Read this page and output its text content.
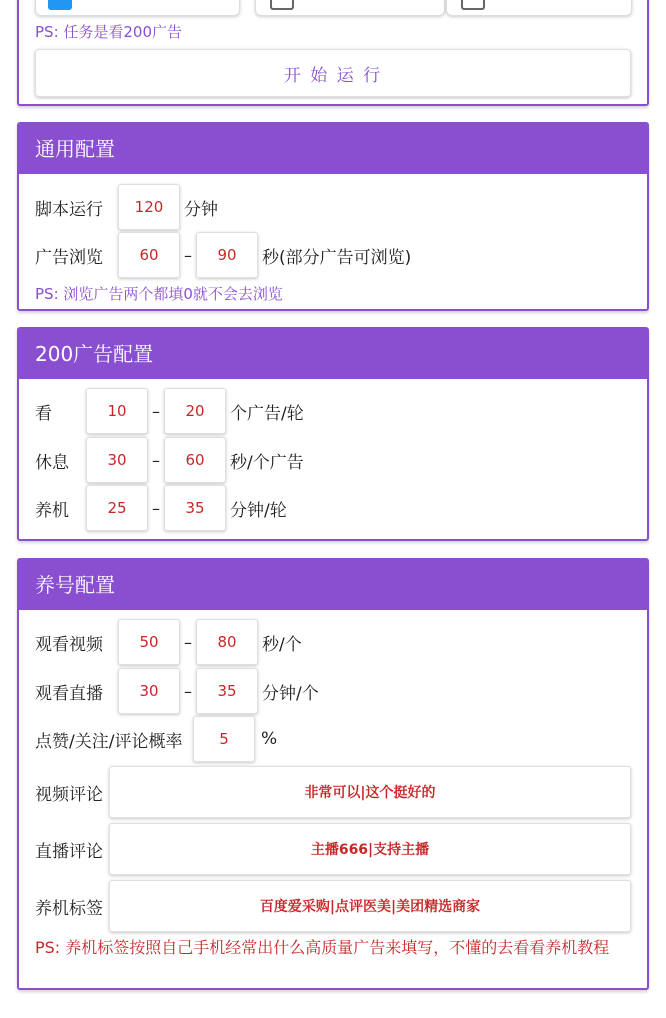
PS: 任务是看200广告
开 始 运 行
通用配置
脚本运行	120	分钟
广告浏览	60	–	90	秒(部分广告可浏览)
PS: 浏览广告两个都填0就不会去浏览
200广告配置
看	10	–	20	个广告/轮
休息	30	–	60	秒/个广告
养机	25	–	35	分钟/轮
养号配置
观看视频	50	–	80	秒/个
观看直播	30	–	35	分钟/个
点赞/关注/评论概率	5	%
视频评论	非常可以|这个挺好的
直播评论	主播666|支持主播
养机标签	百度爱采购|点评医美|美团精选商家
PS: 养机标签按照自己手机经常出什么高质量广告来填写，不懂的去看看养机教程
